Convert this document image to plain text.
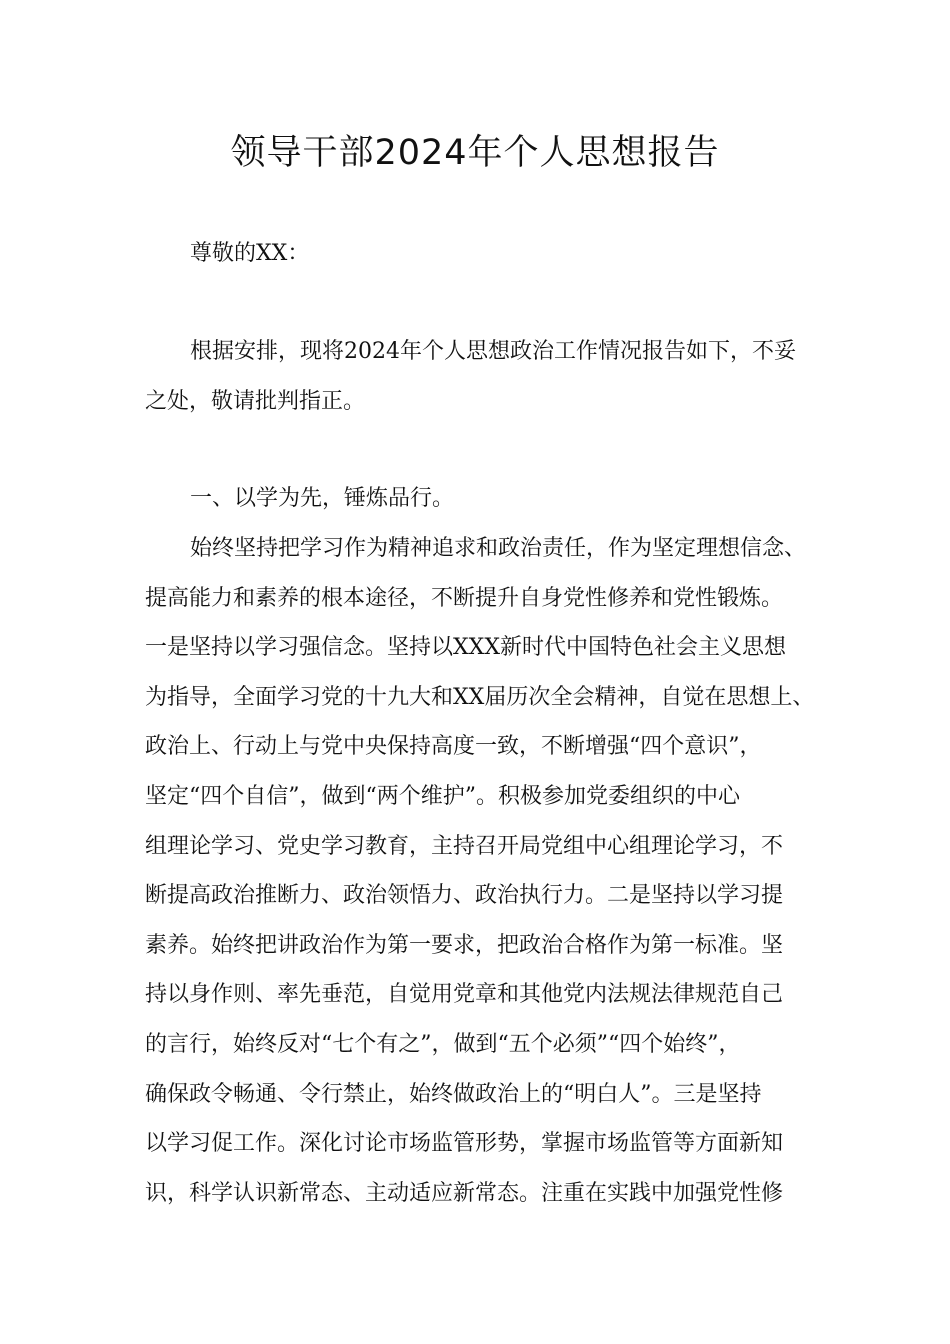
领导干部2024年个人思想报告

尊敬的XX：

根据安排，现将2024年个人思想政治工作情况报告如下，不妥
之处，敬请批判指正。

一、以学为先，锤炼品行。

始终坚持把学习作为精神追求和政治责任，作为坚定理想信念、
提高能力和素养的根本途径，不断提升自身党性修养和党性锻炼。
一是坚持以学习强信念。坚持以XXX新时代中国特色社会主义思想
为指导，全面学习党的十九大和XX届历次全会精神，自觉在思想上、
政治上、行动上与党中央保持高度一致，不断增强“四个意识”，
坚定“四个自信”，做到“两个维护”。积极参加党委组织的中心
组理论学习、党史学习教育，主持召开局党组中心组理论学习，不
断提高政治推断力、政治领悟力、政治执行力。二是坚持以学习提
素养。始终把讲政治作为第一要求，把政治合格作为第一标准。坚
持以身作则、率先垂范，自觉用党章和其他党内法规法律规范自己
的言行，始终反对“七个有之”，做到“五个必须”“四个始终”，
确保政令畅通、令行禁止，始终做政治上的“明白人”。三是坚持
以学习促工作。深化讨论市场监管形势，掌握市场监管等方面新知
识，科学认识新常态、主动适应新常态。注重在实践中加强党性修
